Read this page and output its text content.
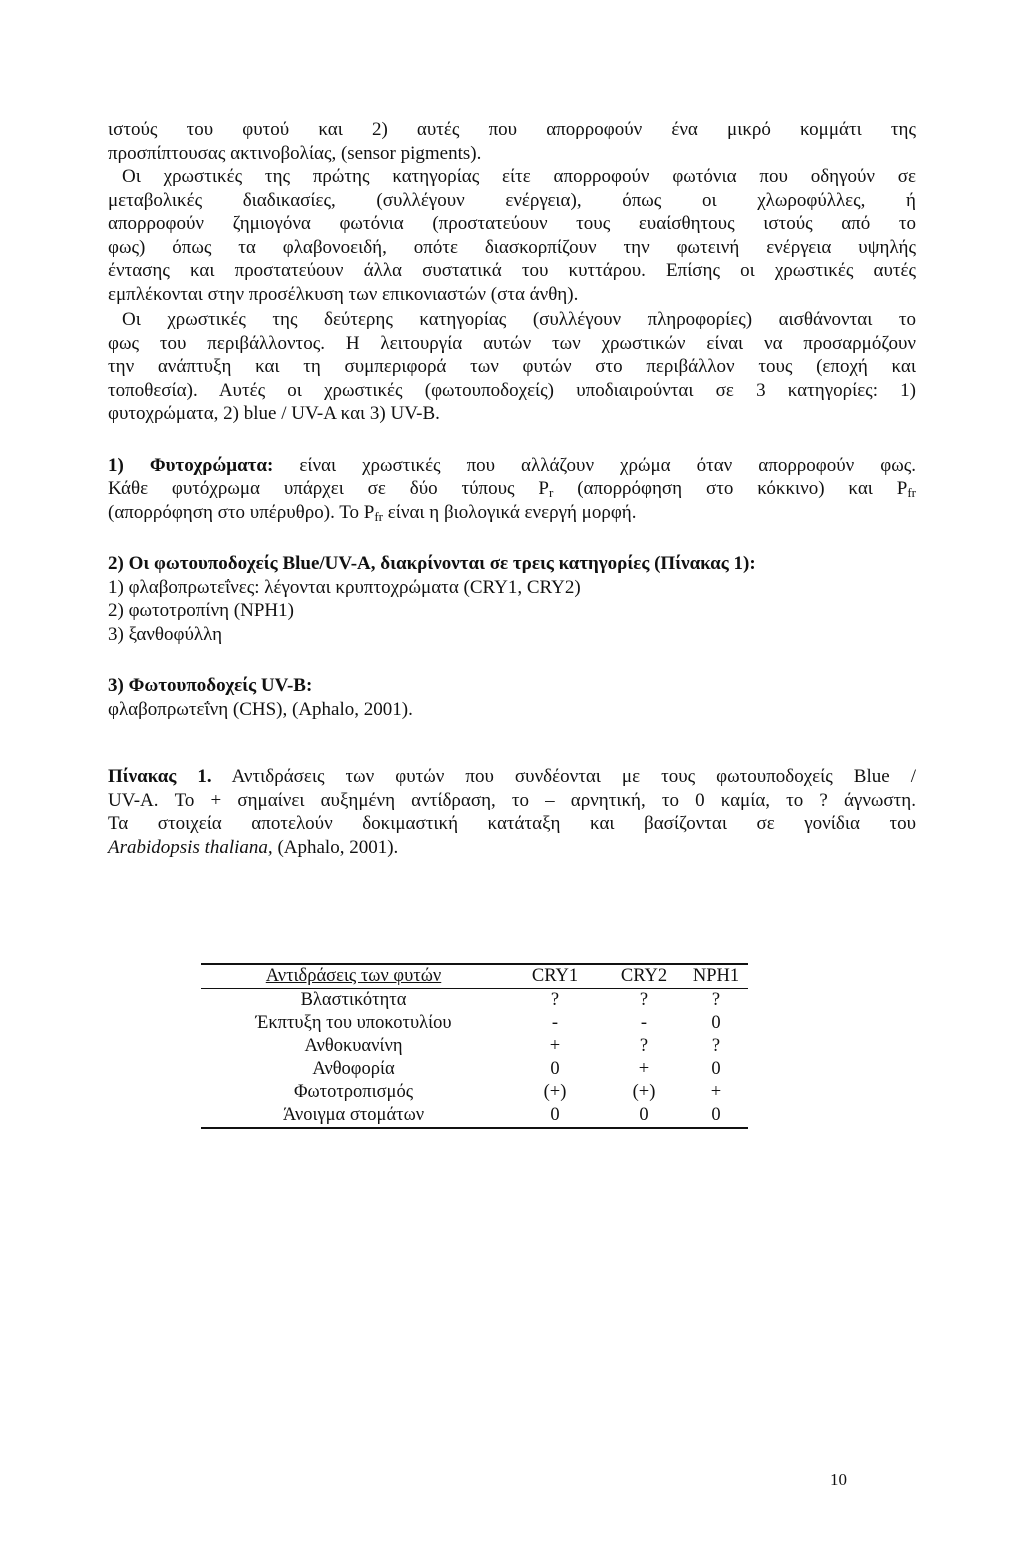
ιστούς του φυτού και 2) αυτές που απορροφούν ένα μικρό κομμάτι της
προσπίπτουσας ακτινοβολίας, (sensor pigments).
Οι χρωστικές της πρώτης κατηγορίας είτε απορροφούν φωτόνια που οδηγούν σε
μεταβολικές διαδικασίες, (συλλέγουν ενέργεια), όπως οι χλωροφύλλες, ή
απορροφούν ζημιογόνα φωτόνια (προστατεύουν τους ευαίσθητους ιστούς από το
φως) όπως τα φλαβονοειδή, οπότε διασκορπίζουν την φωτεινή ενέργεια υψηλής
έντασης και προστατεύουν άλλα συστατικά του κυττάρου. Επίσης οι χρωστικές αυτές
εμπλέκονται στην προσέλκυση των επικονιαστών (στα άνθη).
Οι χρωστικές της δεύτερης κατηγορίας (συλλέγουν πληροφορίες) αισθάνονται το
φως του περιβάλλοντος. Η λειτουργία αυτών των χρωστικών είναι να προσαρμόζουν
την ανάπτυξη και τη συμπεριφορά των φυτών στο περιβάλλον τους (εποχή και
τοποθεσία). Αυτές οι χρωστικές (φωτουποδοχείς) υποδιαιρούνται σε 3 κατηγορίες: 1)
φυτοχρώματα, 2) blue / UV-A και 3) UV-B.
1) Φυτοχρώματα: είναι χρωστικές που αλλάζουν χρώμα όταν απορροφούν φως.
Κάθε φυτόχρωμα υπάρχει σε δύο τύπους $P_r$ (απορρόφηση στο κόκκινο) και $P_{fr}$
(απορρόφηση στο υπέρυθρο). Το $P_{fr}$ είναι η βιολογικά ενεργή μορφή.
2) Οι φωτουποδοχείς Blue/UV-A, διακρίνονται σε τρεις κατηγορίες (Πίνακας 1):
1) φλαβοπρωτεΐνες: λέγονται κρυπτοχρώματα (CRY1, CRY2)
2) φωτοτροπίνη (NPH1)
3) ξανθοφύλλη
3) Φωτουποδοχείς UV-B:
φλαβοπρωτεΐνη (CHS), (Aphalo, 2001).
Πίνακας 1. Αντιδράσεις των φυτών που συνδέονται με τους φωτουποδοχείς Blue /
UV-A. Το + σημαίνει αυξημένη αντίδραση, το – αρνητική, το 0 καμία, το ? άγνωστη.
Τα στοιχεία αποτελούν δοκιμαστική κατάταξη και βασίζονται σε γονίδια του
Arabidopsis thaliana, (Aphalo, 2001).
Αντιδράσεις των φυτών	CRY1	CRY2	NPH1
Βλαστικότητα	?	?	?
Έκπτυξη του υποκοτυλίου	-	-	0
Ανθοκυανίνη	+	?	?
Ανθοφορία	0	+	0
Φωτοτροπισμός	(+)	(+)	+
Άνοιγμα στομάτων	0	0	0
10
